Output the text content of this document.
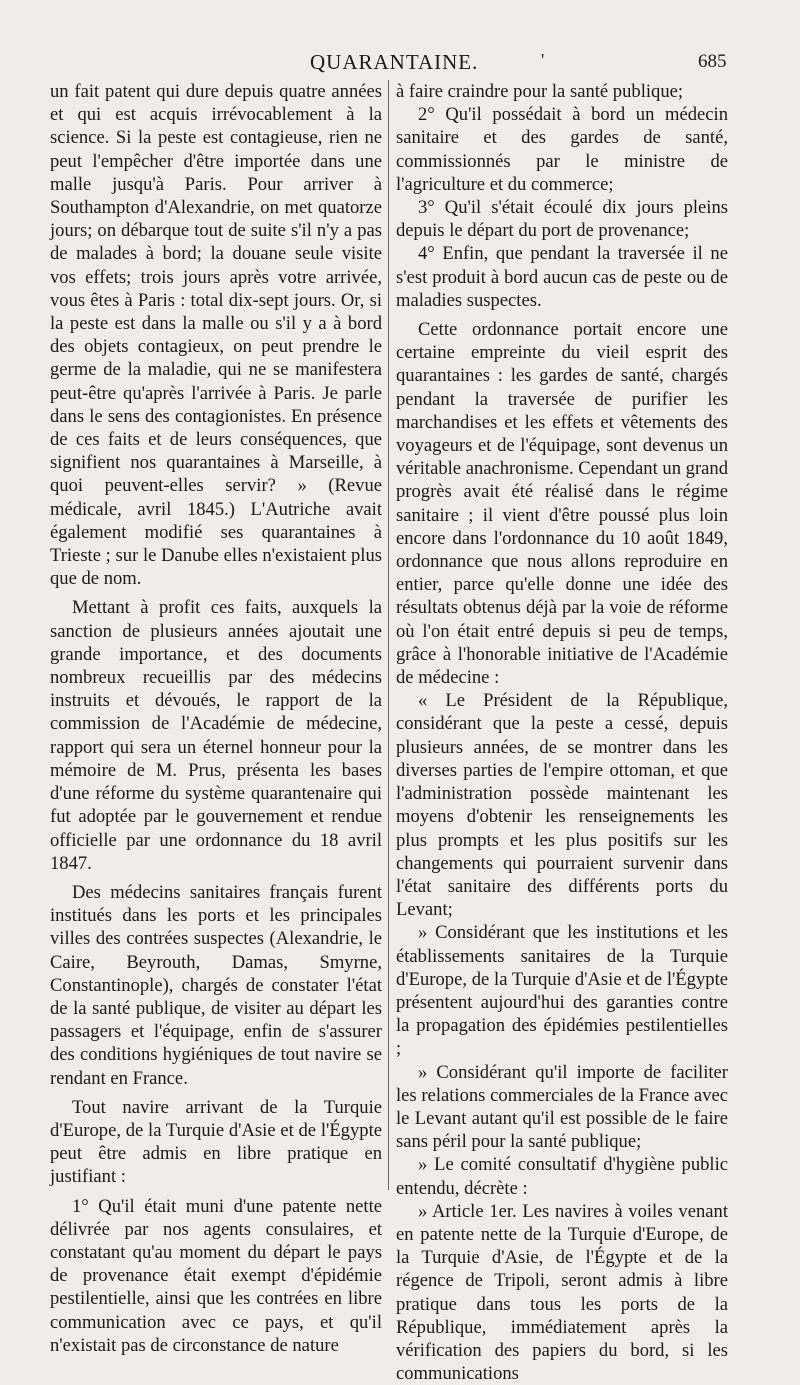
QUARANTAINE.	'	685

un fait patent qui dure depuis quatre années et qui est acquis irrévocablement à la science. Si la peste est contagieuse, rien ne peut l'empêcher d'être importée dans une malle jusqu'à Paris. Pour arriver à Southampton d'Alexandrie, on met quatorze jours; on débarque tout de suite s'il n'y a pas de malades à bord; la douane seule visite vos effets; trois jours après votre arrivée, vous êtes à Paris : total dix-sept jours. Or, si la peste est dans la malle ou s'il y a à bord des objets contagieux, on peut prendre le germe de la maladie, qui ne se manifestera peut-être qu'après l'arrivée à Paris. Je parle dans le sens des contagionistes. En présence de ces faits et de leurs conséquences, que signifient nos quarantaines à Marseille, à quoi peuvent-elles servir? » (Revue médicale, avril 1845.) L'Autriche avait également modifié ses quarantaines à Trieste ; sur le Danube elles n'existaient plus que de nom.

Mettant à profit ces faits, auxquels la sanction de plusieurs années ajoutait une grande importance, et des documents nombreux recueillis par des médecins instruits et dévoués, le rapport de la commission de l'Académie de médecine, rapport qui sera un éternel honneur pour la mémoire de M. Prus, présenta les bases d'une réforme du système quarantenaire qui fut adoptée par le gouvernement et rendue officielle par une ordonnance du 18 avril 1847.

Des médecins sanitaires français furent institués dans les ports et les principales villes des contrées suspectes (Alexandrie, le Caire, Beyrouth, Damas, Smyrne, Constantinople), chargés de constater l'état de la santé publique, de visiter au départ les passagers et l'équipage, enfin de s'assurer des conditions hygiéniques de tout navire se rendant en France.

Tout navire arrivant de la Turquie d'Europe, de la Turquie d'Asie et de l'Égypte peut être admis en libre pratique en justifiant :

1° Qu'il était muni d'une patente nette délivrée par nos agents consulaires, et constatant qu'au moment du départ le pays de provenance était exempt d'épidémie pestilentielle, ainsi que les contrées en libre communication avec ce pays, et qu'il n'existait pas de circonstance de nature

à faire craindre pour la santé publique;

2° Qu'il possédait à bord un médecin sanitaire et des gardes de santé, commissionnés par le ministre de l'agriculture et du commerce;

3° Qu'il s'était écoulé dix jours pleins depuis le départ du port de provenance;

4° Enfin, que pendant la traversée il ne s'est produit à bord aucun cas de peste ou de maladies suspectes.

Cette ordonnance portait encore une certaine empreinte du vieil esprit des quarantaines : les gardes de santé, chargés pendant la traversée de purifier les marchandises et les effets et vêtements des voyageurs et de l'équipage, sont devenus un véritable anachronisme. Cependant un grand progrès avait été réalisé dans le régime sanitaire ; il vient d'être poussé plus loin encore dans l'ordonnance du 10 août 1849, ordonnance que nous allons reproduire en entier, parce qu'elle donne une idée des résultats obtenus déjà par la voie de réforme où l'on était entré depuis si peu de temps, grâce à l'honorable initiative de l'Académie de médecine :

« Le Président de la République, considérant que la peste a cessé, depuis plusieurs années, de se montrer dans les diverses parties de l'empire ottoman, et que l'administration possède maintenant les moyens d'obtenir les renseignements les plus prompts et les plus positifs sur les changements qui pourraient survenir dans l'état sanitaire des différents ports du Levant;

» Considérant que les institutions et les établissements sanitaires de la Turquie d'Europe, de la Turquie d'Asie et de l'Égypte présentent aujourd'hui des garanties contre la propagation des épidémies pestilentielles ;

» Considérant qu'il importe de faciliter les relations commerciales de la France avec le Levant autant qu'il est possible de le faire sans péril pour la santé publique;

» Le comité consultatif d'hygiène public entendu, décrète :

» Article 1er. Les navires à voiles venant en patente nette de la Turquie d'Europe, de la Turquie d'Asie, de l'Égypte et de la régence de Tripoli, seront admis à libre pratique dans tous les ports de la République, immédiatement après la vérification des papiers du bord, si les communications
